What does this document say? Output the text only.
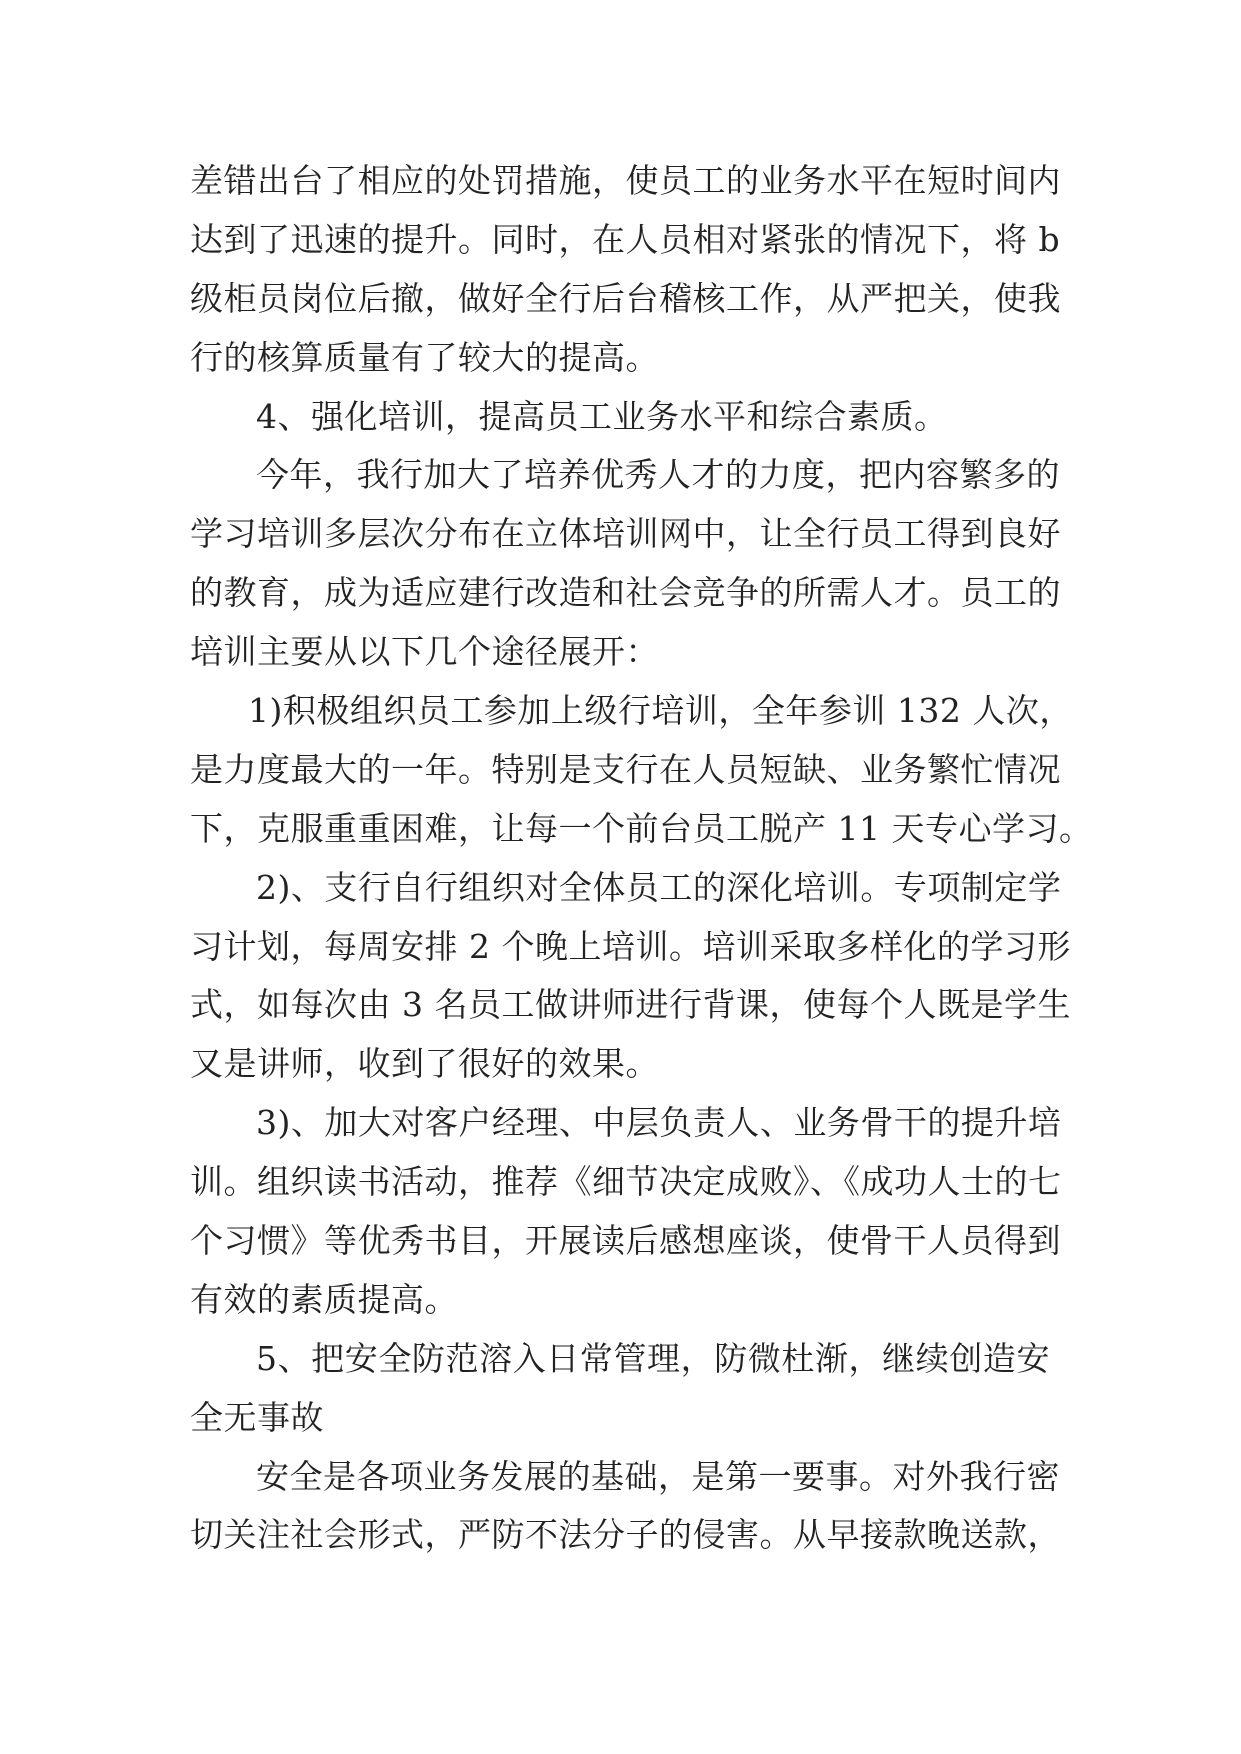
差错出台了相应的处罚措施，使员工的业务水平在短时间内
达到了迅速的提升。同时，在人员相对紧张的情况下，将 b
级柜员岗位后撤，做好全行后台稽核工作，从严把关，使我
行的核算质量有了较大的提高。
4、强化培训，提高员工业务水平和综合素质。
今年，我行加大了培养优秀人才的力度，把内容繁多的
学习培训多层次分布在立体培训网中，让全行员工得到良好
的教育，成为适应建行改造和社会竞争的所需人才。员工的
培训主要从以下几个途径展开：
1)积极组织员工参加上级行培训，全年参训 132 人次，
是力度最大的一年。特别是支行在人员短缺、业务繁忙情况
下，克服重重困难，让每一个前台员工脱产 11 天专心学习。
2)、支行自行组织对全体员工的深化培训。专项制定学
习计划，每周安排 2 个晚上培训。培训采取多样化的学习形
式，如每次由 3 名员工做讲师进行背课，使每个人既是学生
又是讲师，收到了很好的效果。
3)、加大对客户经理、中层负责人、业务骨干的提升培
训。组织读书活动，推荐《细节决定成败》、《成功人士的七
个习惯》等优秀书目，开展读后感想座谈，使骨干人员得到
有效的素质提高。
5、把安全防范溶入日常管理，防微杜渐，继续创造安
全无事故
安全是各项业务发展的基础，是第一要事。对外我行密
切关注社会形式，严防不法分子的侵害。从早接款晚送款，
